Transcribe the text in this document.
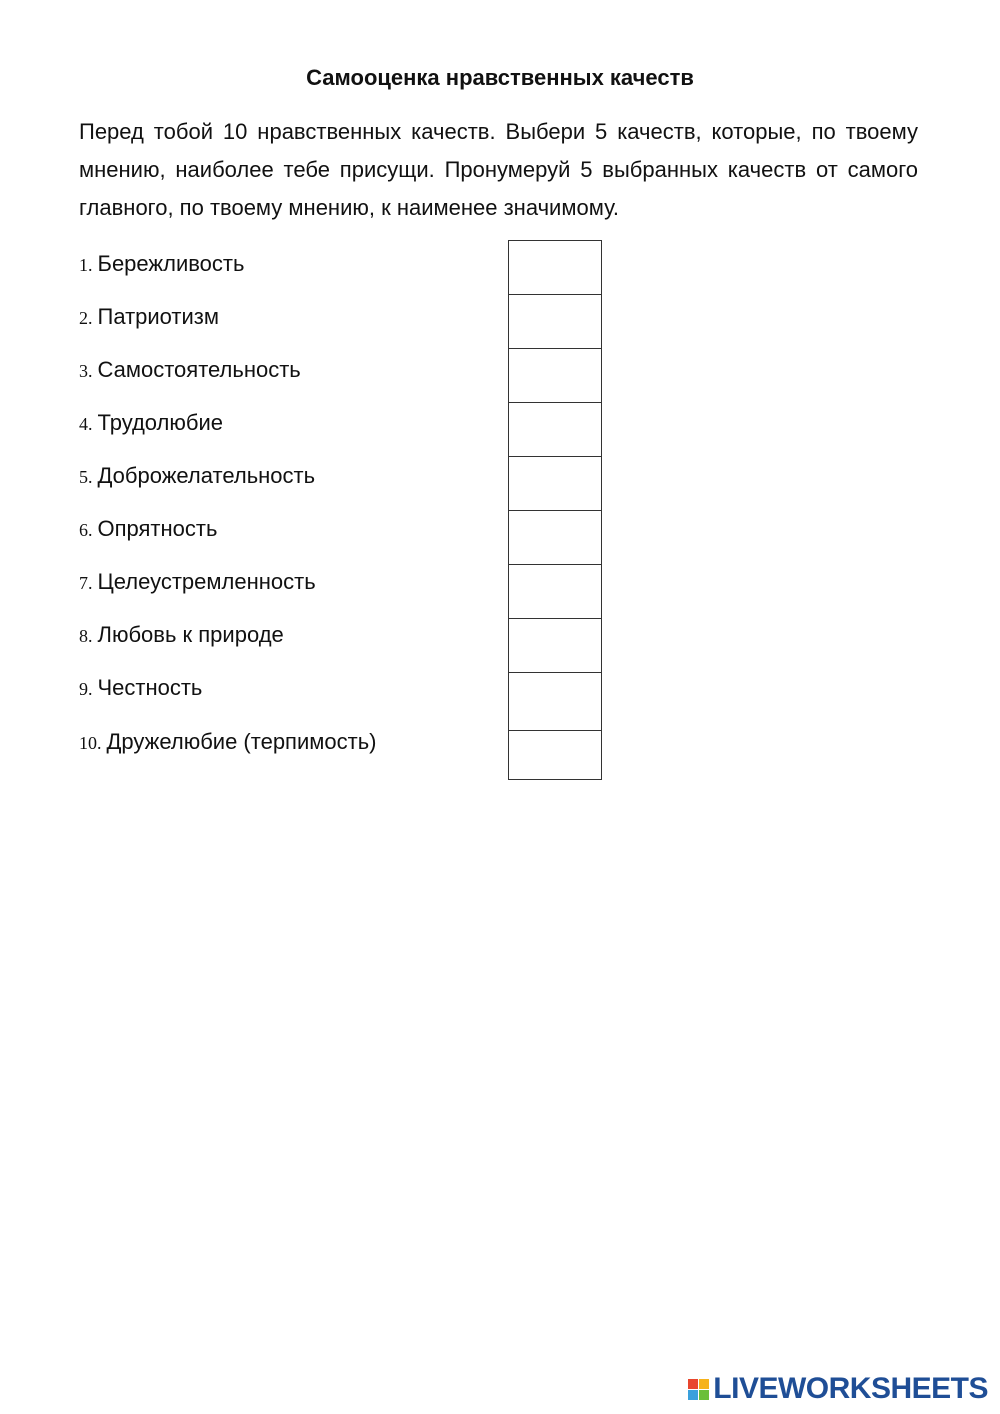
Самооценка нравственных качеств
Перед тобой 10 нравственных качеств. Выбери 5 качеств, которые, по твоему мнению, наиболее тебе присущи. Пронумеруй 5 выбранных качеств от самого главного, по твоему мнению, к наименее значимому.
1. Бережливость
2. Патриотизм
3. Самостоятельность
4. Трудолюбие
5. Доброжелательность
6. Опрятность
7. Целеустремленность
8. Любовь к природе
9. Честность
10. Дружелюбие (терпимость)
LIVEWORKSHEETS
